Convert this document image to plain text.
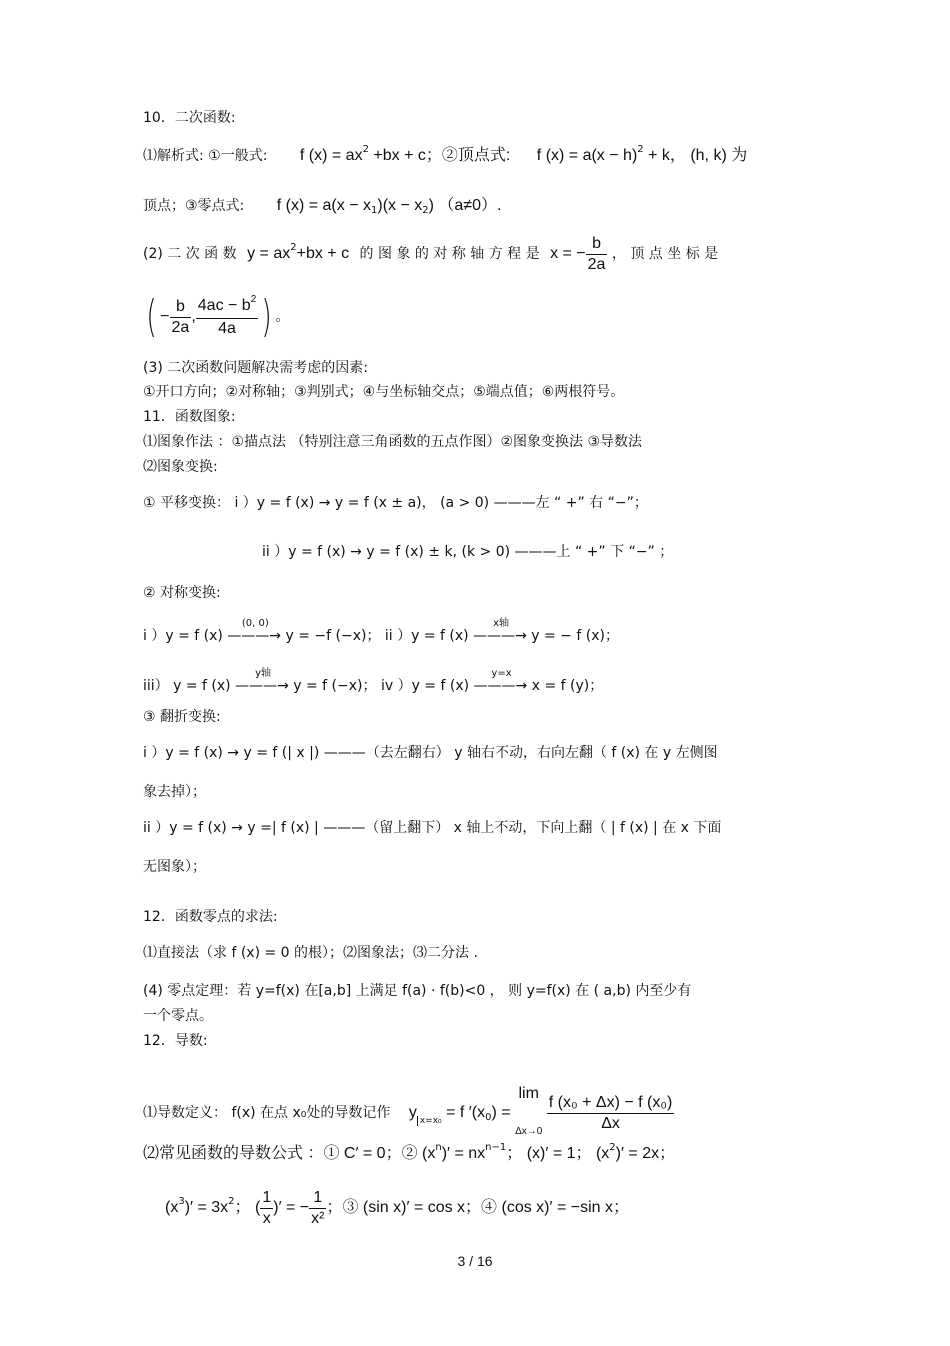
10．二次函数:
⑴解析式: ①一般式: f $(x) = ax^2 +bx + c$；②顶点式: f $(x) = a(x - h)^2 + k$， (h, k) 为
顶点；③零点式: f $(x) = a(x - x_1)(x - x_2)$ （a≠0）.
(2) 二 次 函 数 $y = ax^2+bx + c$ 的 图 象 的 对 称 轴 方 程 是 x = − $\frac{b}{2a}$ ， 顶 点 坐 标 是
( − $\frac{b}{2a}$ , $\frac{4ac - b^2}{4a}$ ) 。
(3) 二次函数问题解决需考虑的因素:
①开口方向；②对称轴；③判别式；④与坐标轴交点；⑤端点值；⑥两根符号。
11．函数图象:
⑴图象作法 ：①描点法 （特别注意三角函数的五点作图）②图象变换法 ③导数法
⑵图象变换:
① 平移变换： i ）y = f (x) → y = f (x ± a)， (a > 0) ———左 “ +” 右 “−”；
ii ）y = f (x) → y = f (x) ± k, (k > 0) ———上 “ +” 下 “−” ；
② 对称变换:
i ）y = f (x) —
(0, 0)
——→ y = −f (−x)； ii ）y = f (x) —
x轴
——→ y = − f (x)；
iii） y = f (x) —
y轴
——→ y = f (−x)； iv ）y = f (x) —
y=x
——→ x = f (y)；
③ 翻折变换:
i ）y = f (x) → y = f (| x |) ———（去左翻右） y 轴右不动，右向左翻（ f (x) 在 y 左侧图
象去掉）；
ii ）y = f (x) → y =| f (x) | ———（留上翻下） x 轴上不动，下向上翻（ | f (x) | 在 x 下面
无图象）；
12．函数零点的求法:
⑴直接法（求 f (x) = 0 的根）；⑵图象法；⑶二分法 .
(4) 零点定理：若 y=f(x) 在[a,b] 上满足 f(a) · f(b)<0 ， 则 y=f(x) 在 ( a,b) 内至少有
一个零点。
12．导数:
⑴导数定义： f(x) 在点 x₀处的导数记作 y $_{x=x_0}$ = f $'(x_0) = \lim$
Δx→0
$\frac{\text{f (x₀ + Δx) − f (x₀)}}{\Delta x}$
⑵常见函数的导数公式 ：① C′ = 0；② $(x^n)' = nx^{n-1}$； (x)′ = 1； $(x^2)' = 2x$；
$(x^3)' = 3x^2$； ( $\frac{1}{x}$ )′ = − $\frac{1}{\text{x²}}$ ；③ (sin x)′ = cos x；④ (cos x)′ = −sin x；
3 / 16
